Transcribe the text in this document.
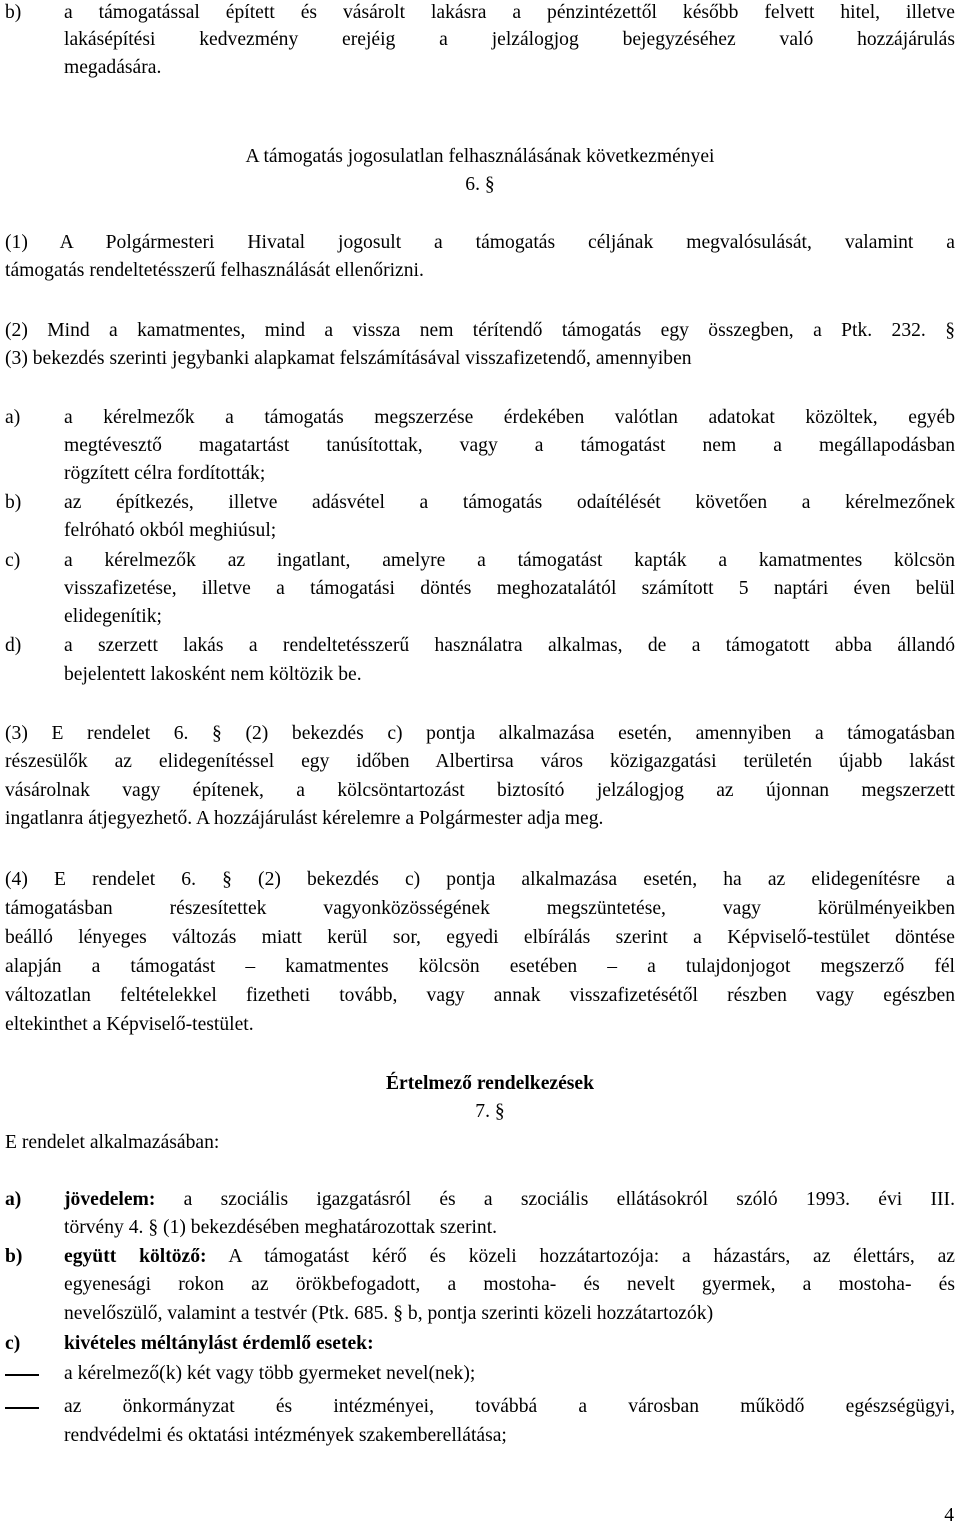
b) a támogatással épített és vásárolt lakásra a pénzintézettől később felvett hitel, illetve
lakásépítési kedvezmény erejéig a jelzálogjog bejegyzéséhez való hozzájárulás
megadására.
A támogatás jogosulatlan felhasználásának következményei
6. §
(1) A Polgármesteri Hivatal jogosult a támogatás céljának megvalósulását, valamint a
támogatás rendeltetésszerű felhasználását ellenőrizni.
(2) Mind a kamatmentes, mind a vissza nem térítendő támogatás egy összegben, a Ptk. 232. §
(3) bekezdés szerinti jegybanki alapkamat felszámításával visszafizetendő, amennyiben
a) a kérelmezők a támogatás megszerzése érdekében valótlan adatokat közöltek, egyéb
megtévesztő magatartást tanúsítottak, vagy a támogatást nem a megállapodásban
rögzített célra fordították;
b) az építkezés, illetve adásvétel a támogatás odaítélését követően a kérelmezőnek
felróható okból meghiúsul;
c) a kérelmezők az ingatlant, amelyre a támogatást kapták a kamatmentes kölcsön
visszafizetése, illetve a támogatási döntés meghozatalától számított 5 naptári éven belül
elidegenítik;
d) a szerzett lakás a rendeltetésszerű használatra alkalmas, de a támogatott abba állandó
bejelentett lakosként nem költözik be.
(3) E rendelet 6. § (2) bekezdés c) pontja alkalmazása esetén, amennyiben a támogatásban
részesülők az elidegenítéssel egy időben Albertirsa város közigazgatási területén újabb lakást
vásárolnak vagy építenek, a kölcsöntartozást biztosító jelzálogjog az újonnan megszerzett
ingatlanra átjegyezhető. A hozzájárulást kérelemre a Polgármester adja meg.
(4) E rendelet 6. § (2) bekezdés c) pontja alkalmazása esetén, ha az elidegenítésre a
támogatásban részesítettek vagyonközösségének megszüntetése, vagy körülményeikben
beálló lényeges változás miatt kerül sor, egyedi elbírálás szerint a Képviselő-testület döntése
alapján a támogatást – kamatmentes kölcsön esetében – a tulajdonjogot megszerző fél
változatlan feltételekkel fizetheti tovább, vagy annak visszafizetésétől részben vagy egészben
eltekinthet a Képviselő-testület.
Értelmező rendelkezések
7. §
E rendelet alkalmazásában:
a) jövedelem: a szociális igazgatásról és a szociális ellátásokról szóló 1993. évi III.
törvény 4. § (1) bekezdésében meghatározottak szerint.
b) együtt költöző: A támogatást kérő és közeli hozzátartozója: a házastárs, az élettárs, az
egyenesági rokon az örökbefogadott, a mostoha- és nevelt gyermek, a mostoha- és
nevelőszülő, valamint a testvér (Ptk. 685. § b, pontja szerinti közeli hozzátartozók)
c) kivételes méltánylást érdemlő esetek:
a kérelmező(k) két vagy több gyermeket nevel(nek);
az önkormányzat és intézményei, továbbá a városban működő egészségügyi,
rendvédelmi és oktatási intézmények szakemberellátása;
4
